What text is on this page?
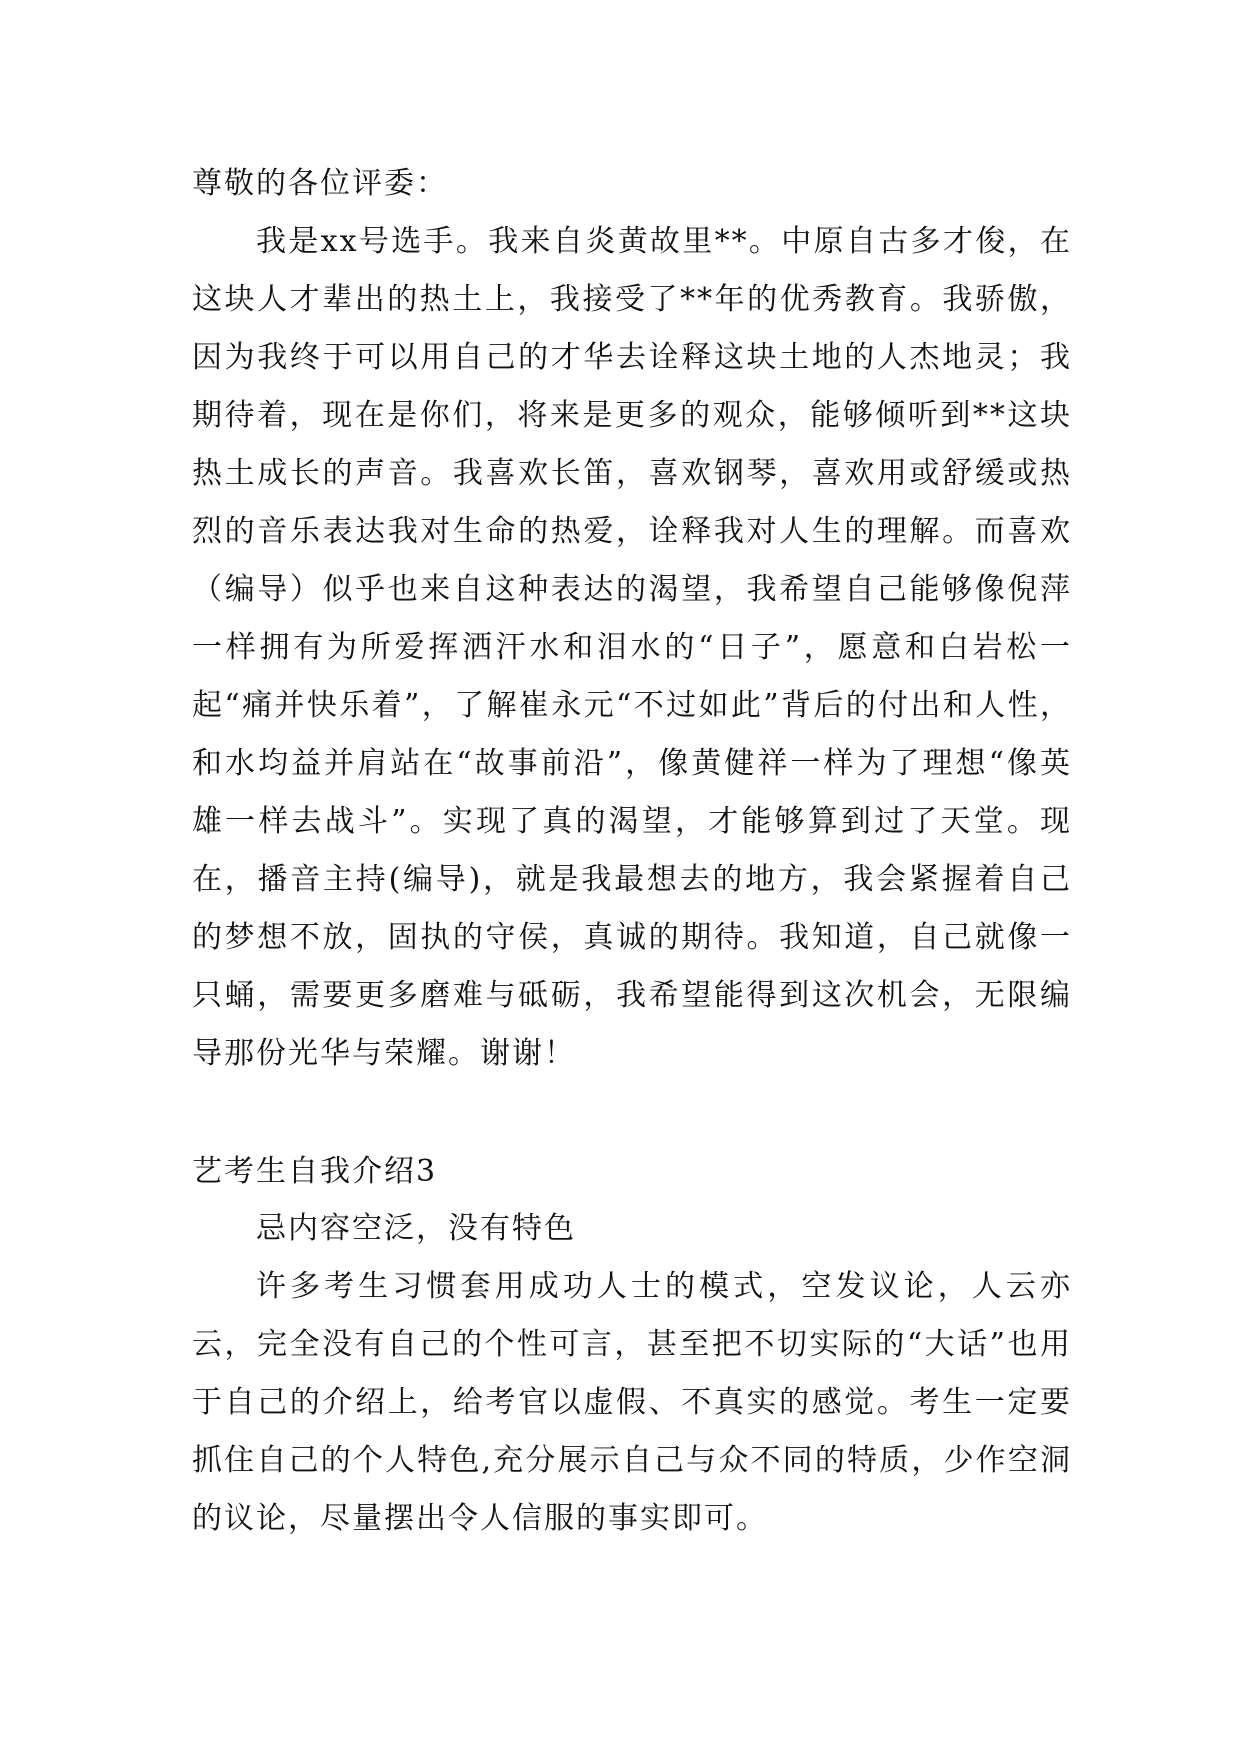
尊敬的各位评委：

我是xx号选手。我来自炎黄故里**。中原自古多才俊，在这块人才辈出的热土上，我接受了**年的优秀教育。我骄傲，因为我终于可以用自己的才华去诠释这块土地的人杰地灵；我期待着，现在是你们，将来是更多的观众，能够倾听到**这块热土成长的声音。我喜欢长笛，喜欢钢琴，喜欢用或舒缓或热烈的音乐表达我对生命的热爱，诠释我对人生的理解。而喜欢（编导）似乎也来自这种表达的渴望，我希望自己能够像倪萍一样拥有为所爱挥洒汗水和泪水的“日子”，愿意和白岩松一起“痛并快乐着”，了解崔永元“不过如此”背后的付出和人性，和水均益并肩站在“故事前沿”，像黄健祥一样为了理想“像英雄一样去战斗”。实现了真的渴望，才能够算到过了天堂。现在，播音主持(编导)，就是我最想去的地方，我会紧握着自己的梦想不放，固执的守侯，真诚的期待。我知道，自己就像一只蛹，需要更多磨难与砥砺，我希望能得到这次机会，无限编导那份光华与荣耀。谢谢！

艺考生自我介绍3

忌内容空泛，没有特色

许多考生习惯套用成功人士的模式，空发议论，人云亦云，完全没有自己的个性可言，甚至把不切实际的“大话”也用于自己的介绍上，给考官以虚假、不真实的感觉。考生一定要抓住自己的个人特色,充分展示自己与众不同的特质，少作空洞的议论，尽量摆出令人信服的事实即可。
